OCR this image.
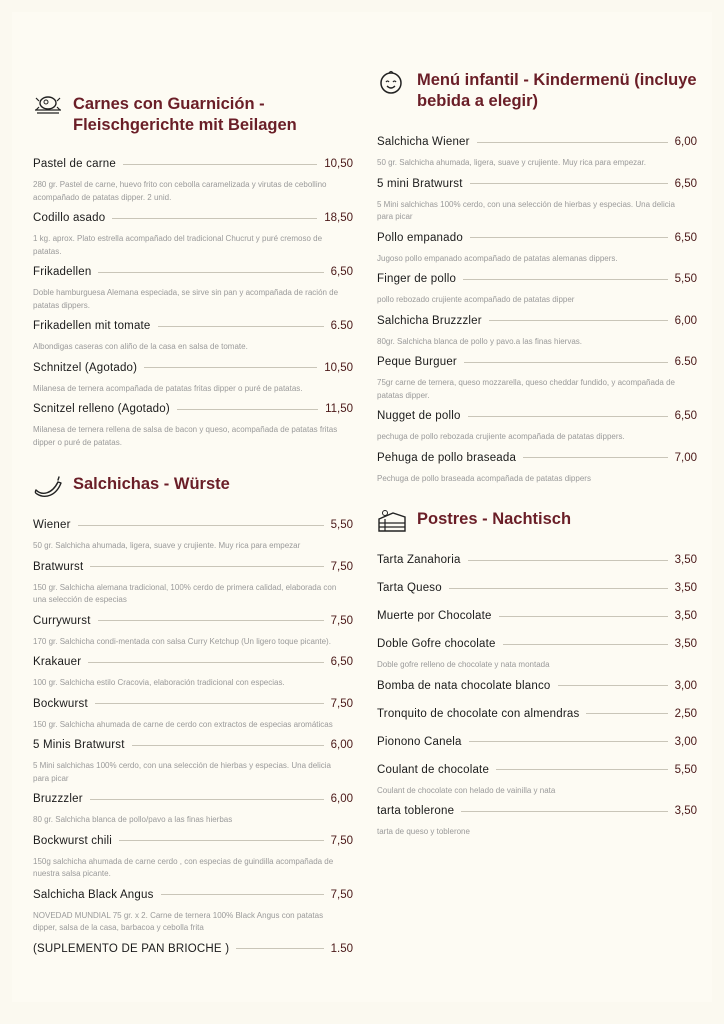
Carnes con Guarnición - Fleischgerichte mit Beilagen
Pastel de carne	10,50
280 gr. Pastel de carne, huevo frito con cebolla caramelizada y virutas de cebollino acompañado de patatas dipper. 2 unid.
Codillo asado	18,50
1 kg. aprox. Plato estrella acompañado del tradicional Chucrut y puré cremoso de patatas.
Frikadellen	6,50
Doble hamburguesa Alemana especiada, se sirve sin pan y acompañada de ración de patatas dippers.
Frikadellen mit tomate	6.50
Albondigas caseras con aliño de la casa en salsa de tomate.
Schnitzel (Agotado)	10,50
Milanesa de ternera acompañada de patatas fritas dipper o puré de patatas.
Scnitzel relleno (Agotado)	11,50
Milanesa de ternera rellena de salsa de bacon y queso, acompañada de patatas fritas dipper o puré de patatas.
Salchichas - Würste
Wiener	5,50
50 gr. Salchicha ahumada, ligera, suave y crujiente. Muy rica para empezar
Bratwurst	7,50
150 gr. Salchicha alemana tradicional, 100% cerdo de primera calidad, elaborada con una selección de especias
Currywurst	7,50
170 gr. Salchicha condi-mentada con salsa Curry Ketchup (Un ligero toque picante).
Krakauer	6,50
100 gr. Salchicha estilo Cracovia, elaboración tradicional con especias.
Bockwurst	7,50
150 gr. Salchicha ahumada de carne de cerdo con extractos de especias aromáticas
5 Minis Bratwurst	6,00
5 Mini salchichas 100% cerdo, con una selección de hierbas y especias. Una delicia para picar
Bruzzzler	6,00
80 gr. Salchicha blanca de pollo/pavo a las finas hierbas
Bockwurst chili	7,50
150g salchicha ahumada de carne cerdo , con especias de guindilla acompañada de nuestra salsa picante.
Salchicha Black Angus	7,50
NOVEDAD MUNDIAL 75 gr. x 2. Carne de ternera 100% Black Angus con patatas dipper, salsa de la casa, barbacoa y cebolla frita
(SUPLEMENTO DE PAN BRIOCHE )	1.50
Menú infantil - Kindermenü (incluye bebida a elegir)
Salchicha Wiener	6,00
50 gr. Salchicha ahumada, ligera, suave y crujiente. Muy rica para empezar.
5 mini Bratwurst	6,50
5 Mini salchichas 100% cerdo, con una selección de hierbas y especias. Una delicia para picar
Pollo empanado	6,50
Jugoso pollo empanado acompañado de patatas alemanas dippers.
Finger de pollo	5,50
pollo rebozado crujiente acompañado de patatas dipper
Salchicha Bruzzzler	6,00
80gr. Salchicha blanca de pollo y pavo.a las finas hiervas.
Peque Burguer	6.50
75gr carne de ternera, queso mozzarella, queso cheddar fundido, y acompañada de patatas dipper.
Nugget de pollo	6,50
pechuga de pollo rebozada crujiente acompañada de patatas dippers.
Pehuga de pollo braseada	7,00
Pechuga de pollo braseada acompañada de patatas dippers
Postres - Nachtisch
Tarta Zanahoria	3,50
Tarta Queso	3,50
Muerte por Chocolate	3,50
Doble Gofre chocolate	3,50
Doble gofre relleno de chocolate y nata montada
Bomba de nata chocolate blanco	3,00
Tronquito de chocolate con almendras	2,50
Pionono Canela	3,00
Coulant de chocolate	5,50
Coulant de chocolate con helado de vainilla y nata
tarta toblerone	3,50
tarta de queso y toblerone
